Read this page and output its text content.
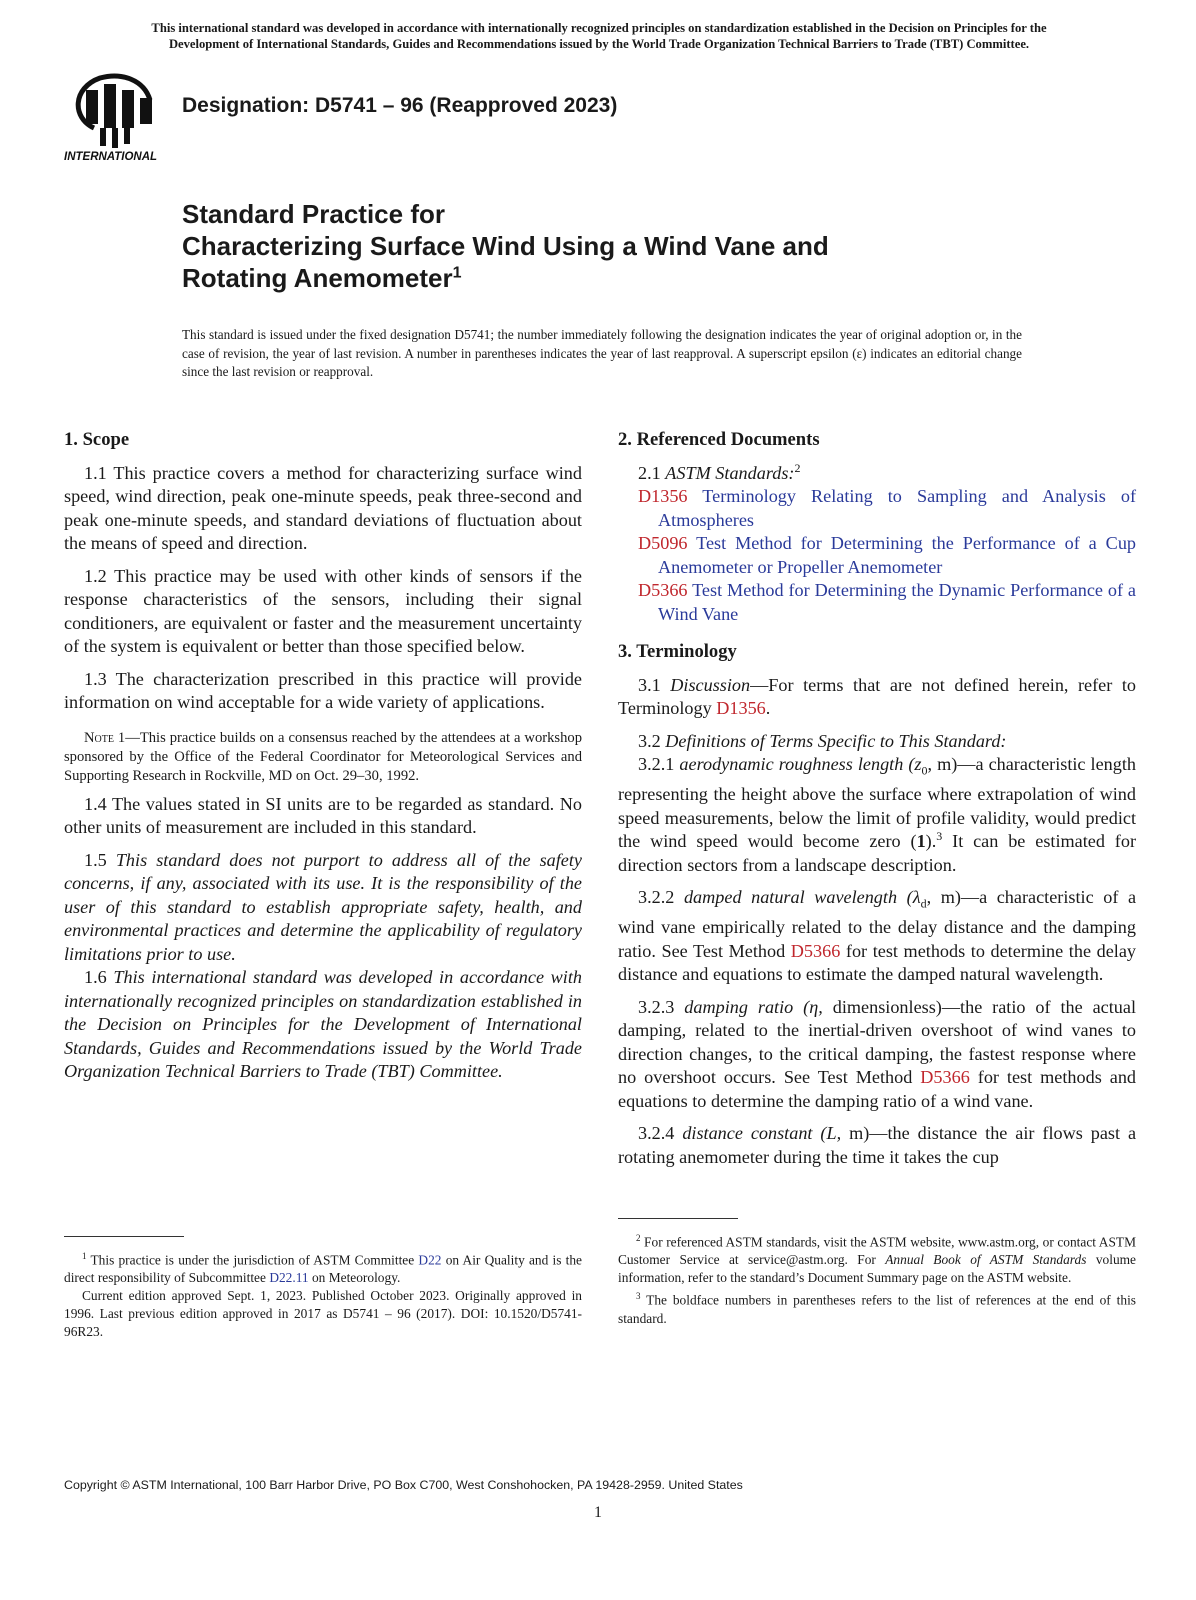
This international standard was developed in accordance with internationally recognized principles on standardization established in the Decision on Principles for the
Development of International Standards, Guides and Recommendations issued by the World Trade Organization Technical Barriers to Trade (TBT) Committee.
INTERNATIONAL
Designation: D5741 – 96 (Reapproved 2023)
Standard Practice for
Characterizing Surface Wind Using a Wind Vane and
Rotating Anemometer$^1$

This standard is issued under the fixed designation D5741; the number immediately following the designation indicates the year of original adoption or, in the case of revision, the year of last revision. A number in parentheses indicates the year of last reapproval. A superscript epsilon (ε) indicates an editorial change since the last revision or reapproval.

1. Scope

1.1 This practice covers a method for characterizing surface wind speed, wind direction, peak one-minute speeds, peak three-second and peak one-minute speeds, and standard deviations of fluctuation about the means of speed and direction.

1.2 This practice may be used with other kinds of sensors if the response characteristics of the sensors, including their signal conditioners, are equivalent or faster and the measurement uncertainty of the system is equivalent or better than those specified below.

1.3 The characterization prescribed in this practice will provide information on wind acceptable for a wide variety of applications.

Note 1—This practice builds on a consensus reached by the attendees at a workshop sponsored by the Office of the Federal Coordinator for Meteorological Services and Supporting Research in Rockville, MD on Oct. 29–30, 1992.

1.4 The values stated in SI units are to be regarded as standard. No other units of measurement are included in this standard.

1.5 This standard does not purport to address all of the safety concerns, if any, associated with its use. It is the responsibility of the user of this standard to establish appropriate safety, health, and environmental practices and determine the applicability of regulatory limitations prior to use.

1.6 This international standard was developed in accordance with internationally recognized principles on standardization established in the Decision on Principles for the Development of International Standards, Guides and Recommendations issued by the World Trade Organization Technical Barriers to Trade (TBT) Committee.

2. Referenced Documents

2.1 ASTM Standards:$^2$

D1356 Terminology Relating to Sampling and Analysis of Atmospheres
D5096 Test Method for Determining the Performance of a Cup Anemometer or Propeller Anemometer
D5366 Test Method for Determining the Dynamic Performance of a Wind Vane
3. Terminology

3.1 Discussion—For terms that are not defined herein, refer to Terminology D1356.

3.2 Definitions of Terms Specific to This Standard:

3.2.1 aerodynamic roughness length ($z_0$, m)—a characteristic length representing the height above the surface where extrapolation of wind speed measurements, below the limit of profile validity, would predict the wind speed would become zero (1).$^3$ It can be estimated for direction sectors from a landscape description.

3.2.2 damped natural wavelength ($\lambda_d$, m)—a characteristic of a wind vane empirically related to the delay distance and the damping ratio. See Test Method D5366 for test methods to determine the delay distance and equations to estimate the damped natural wavelength.

3.2.3 damping ratio (η, dimensionless)—the ratio of the actual damping, related to the inertial-driven overshoot of wind vanes to direction changes, to the critical damping, the fastest response where no overshoot occurs. See Test Method D5366 for test methods and equations to determine the damping ratio of a wind vane.

3.2.4 distance constant (L, m)—the distance the air flows past a rotating anemometer during the time it takes the cup

$^1$ This practice is under the jurisdiction of ASTM Committee D22 on Air Quality and is the direct responsibility of Subcommittee D22.11 on Meteorology.

Current edition approved Sept. 1, 2023. Published October 2023. Originally approved in 1996. Last previous edition approved in 2017 as D5741 – 96 (2017). DOI: 10.1520/D5741-96R23.

$^2$ For referenced ASTM standards, visit the ASTM website, www.astm.org, or contact ASTM Customer Service at service@astm.org. For Annual Book of ASTM Standards volume information, refer to the standard’s Document Summary page on the ASTM website.

$^3$ The boldface numbers in parentheses refers to the list of references at the end of this standard.

Copyright © ASTM International, 100 Barr Harbor Drive, PO Box C700, West Conshohocken, PA 19428-2959. United States
1
